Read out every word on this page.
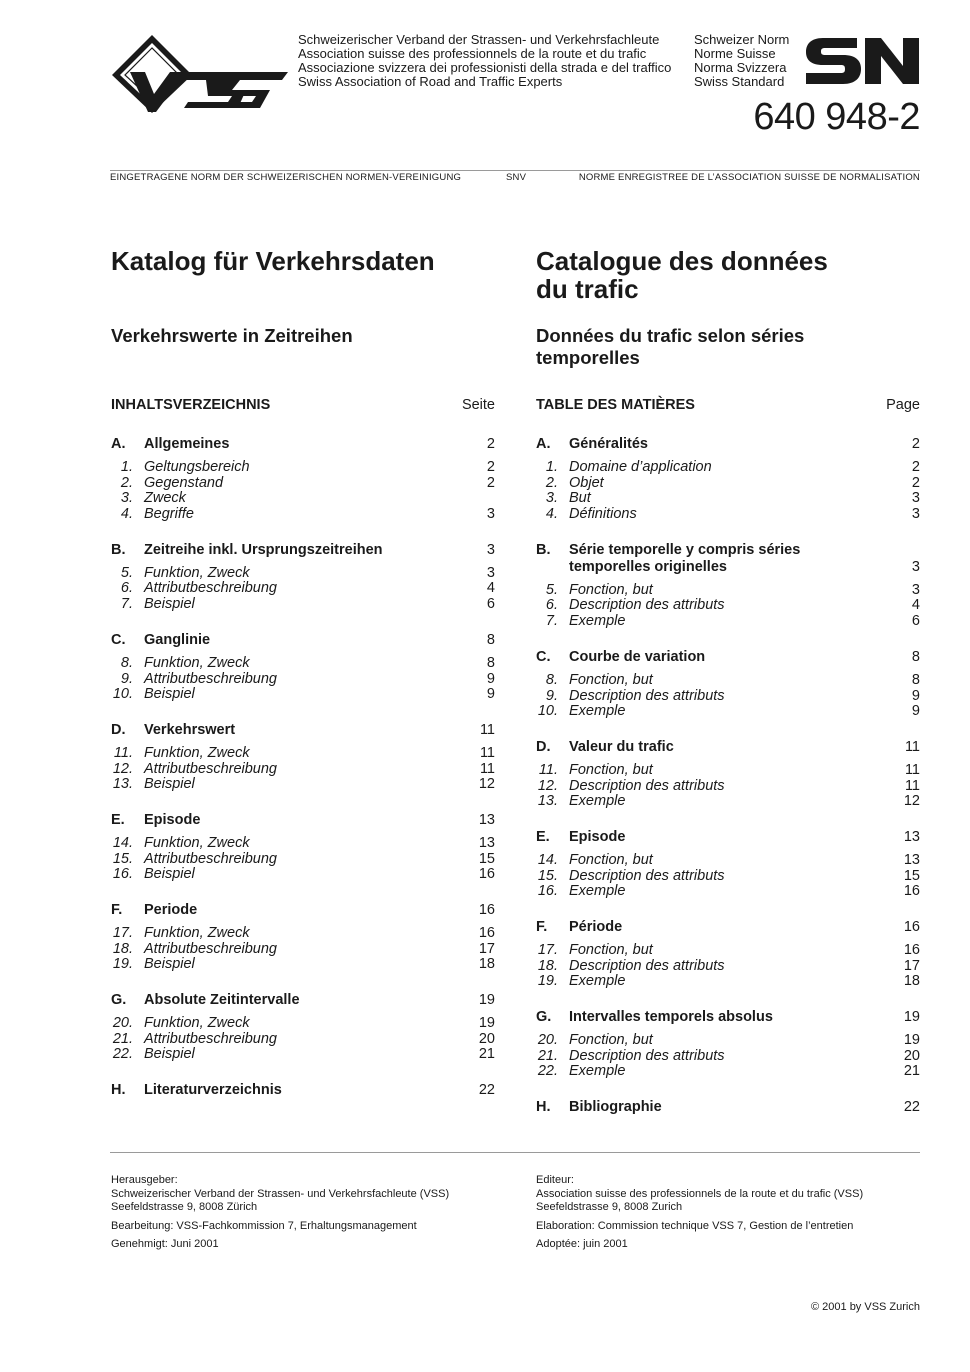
Schweizerischer Verband der Strassen- und Verkehrsfachleute
Association suisse des professionnels de la route et du trafic
Associazione svizzera dei professionisti della strada e del traffico
Swiss Association of Road and Traffic Experts
Schweizer Norm
Norme Suisse
Norma Svizzera
Swiss Standard
640 948-2
EINGETRAGENE NORM DER SCHWEIZERISCHEN NORMEN-VEREINIGUNG	SNV	NORME ENREGISTREE DE L’ASSOCIATION SUISSE DE NORMALISATION
Katalog für Verkehrsdaten	Catalogue des données
du trafic
Verkehrswerte in Zeitreihen	Données du trafic selon séries
temporelles
INHALTSVERZEICHNIS	Seite
A. Allgemeines	2
1. Geltungsbereich	2
2. Gegenstand	2
3. Zweck
4. Begriffe	3
B. Zeitreihe inkl. Ursprungszeitreihen	3
5. Funktion, Zweck	3
6. Attributbeschreibung	4
7. Beispiel	6
C. Ganglinie	8
8. Funktion, Zweck	8
9. Attributbeschreibung	9
10. Beispiel	9
D. Verkehrswert	11
11. Funktion, Zweck	11
12. Attributbeschreibung	11
13. Beispiel	12
E. Episode	13
14. Funktion, Zweck	13
15. Attributbeschreibung	15
16. Beispiel	16
F. Periode	16
17. Funktion, Zweck	16
18. Attributbeschreibung	17
19. Beispiel	18
G. Absolute Zeitintervalle	19
20. Funktion, Zweck	19
21. Attributbeschreibung	20
22. Beispiel	21
H. Literaturverzeichnis	22
TABLE DES MATIÈRES	Page
A. Généralités	2
1. Domaine d’application	2
2. Objet	2
3. But	3
4. Définitions	3
B. Série temporelle y compris séries temporelles originelles	3
5. Fonction, but	3
6. Description des attributs	4
7. Exemple	6
C. Courbe de variation	8
8. Fonction, but	8
9. Description des attributs	9
10. Exemple	9
D. Valeur du trafic	11
11. Fonction, but	11
12. Description des attributs	11
13. Exemple	12
E. Episode	13
14. Fonction, but	13
15. Description des attributs	15
16. Exemple	16
F. Période	16
17. Fonction, but	16
18. Description des attributs	17
19. Exemple	18
G. Intervalles temporels absolus	19
20. Fonction, but	19
21. Description des attributs	20
22. Exemple	21
H. Bibliographie	22
Herausgeber:
Schweizerischer Verband der Strassen- und Verkehrsfachleute (VSS)
Seefeldstrasse 9, 8008 Zürich
Bearbeitung: VSS-Fachkommission 7, Erhaltungsmanagement
Genehmigt: Juni 2001
Editeur:
Association suisse des professionnels de la route et du trafic (VSS)
Seefeldstrasse 9, 8008 Zurich
Elaboration: Commission technique VSS 7, Gestion de l’entretien
Adoptée: juin 2001
© 2001 by VSS Zurich
